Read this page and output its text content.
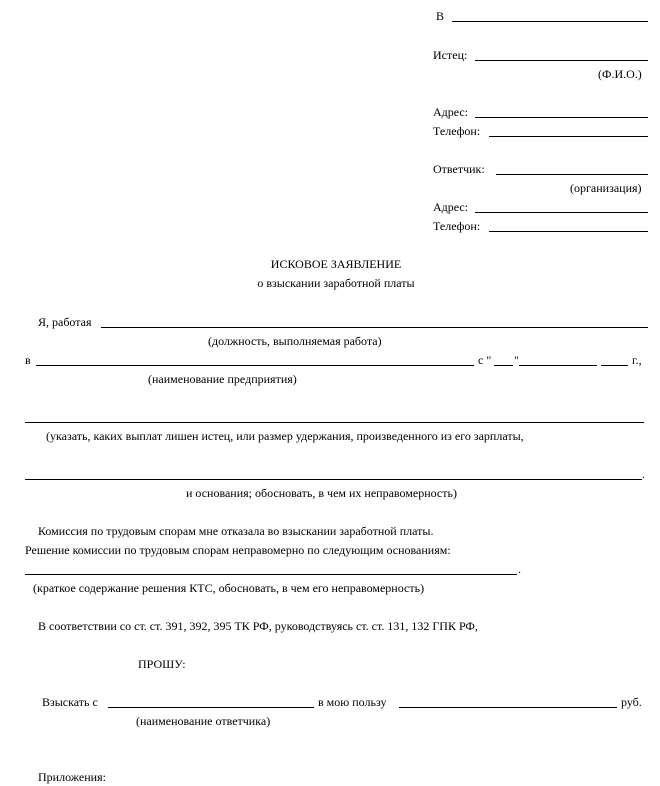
В
Истец:
(Ф.И.О.)
Адрес:
Телефон:
Ответчик:
(организация)
Адрес:
Телефон:
ИСКОВОЕ ЗАЯВЛЕНИЕ
о взыскании заработной платы
Я, работая
(должность, выполняемая работа)
в	с " "	г.,
(наименование предприятия)
(указать, каких выплат лишен истец, или размер удержания, произведенного из его зарплаты,
.
и основания; обосновать, в чем их неправомерность)
Комиссия по трудовым спорам мне отказала во взыскании заработной платы.
Решение комиссии по трудовым спорам неправомерно по следующим основаниям:
.
(краткое содержание решения КТС, обосновать, в чем его неправомерность)
В соответствии со ст. ст. 391, 392, 395 ТК РФ, руководствуясь ст. ст. 131, 132 ГПК РФ,
ПРОШУ:
Взыскать с	в мою пользу	руб.
(наименование ответчика)
Приложения:
